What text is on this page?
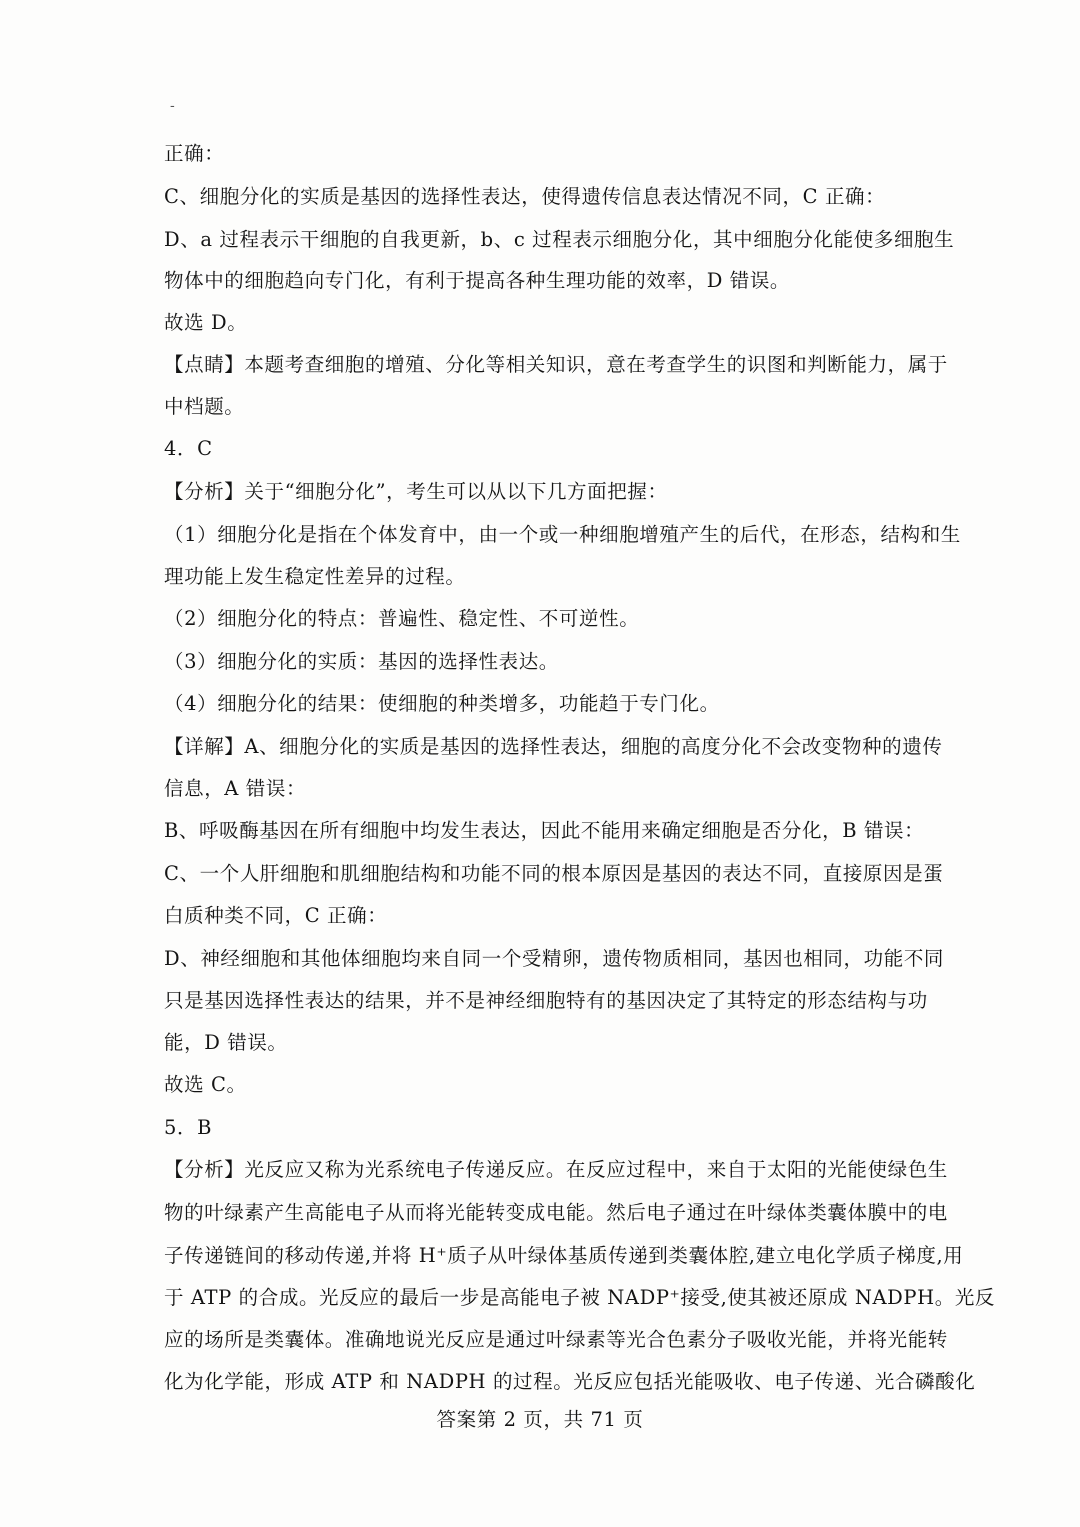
-
正确：
C、细胞分化的实质是基因的选择性表达，使得遗传信息表达情况不同，C 正确：
D、a 过程表示干细胞的自我更新，b、c 过程表示细胞分化，其中细胞分化能使多细胞生
物体中的细胞趋向专门化，有利于提高各种生理功能的效率，D 错误。
故选 D。
【点睛】本题考查细胞的增殖、分化等相关知识，意在考查学生的识图和判断能力，属于
中档题。
4．C
【分析】关于“细胞分化”，考生可以从以下几方面把握：
（1）细胞分化是指在个体发育中，由一个或一种细胞增殖产生的后代，在形态，结构和生
理功能上发生稳定性差异的过程。
（2）细胞分化的特点：普遍性、稳定性、不可逆性。
（3）细胞分化的实质：基因的选择性表达。
（4）细胞分化的结果：使细胞的种类增多，功能趋于专门化。
【详解】A、细胞分化的实质是基因的选择性表达，细胞的高度分化不会改变物种的遗传
信息，A 错误：
B、呼吸酶基因在所有细胞中均发生表达，因此不能用来确定细胞是否分化，B 错误：
C、一个人肝细胞和肌细胞结构和功能不同的根本原因是基因的表达不同，直接原因是蛋
白质种类不同，C 正确：
D、神经细胞和其他体细胞均来自同一个受精卵，遗传物质相同，基因也相同，功能不同
只是基因选择性表达的结果，并不是神经细胞特有的基因决定了其特定的形态结构与功
能，D 错误。
故选 C。
5．B
【分析】光反应又称为光系统电子传递反应。在反应过程中，来自于太阳的光能使绿色生
物的叶绿素产生高能电子从而将光能转变成电能。然后电子通过在叶绿体类囊体膜中的电
子传递链间的移动传递,并将 H⁺质子从叶绿体基质传递到类囊体腔,建立电化学质子梯度,用
于 ATP 的合成。光反应的最后一步是高能电子被 NADP⁺接受,使其被还原成 NADPH。光反
应的场所是类囊体。准确地说光反应是通过叶绿素等光合色素分子吸收光能，并将光能转
化为化学能，形成 ATP 和 NADPH 的过程。光反应包括光能吸收、电子传递、光合磷酸化
答案第 2 页，共 71 页
